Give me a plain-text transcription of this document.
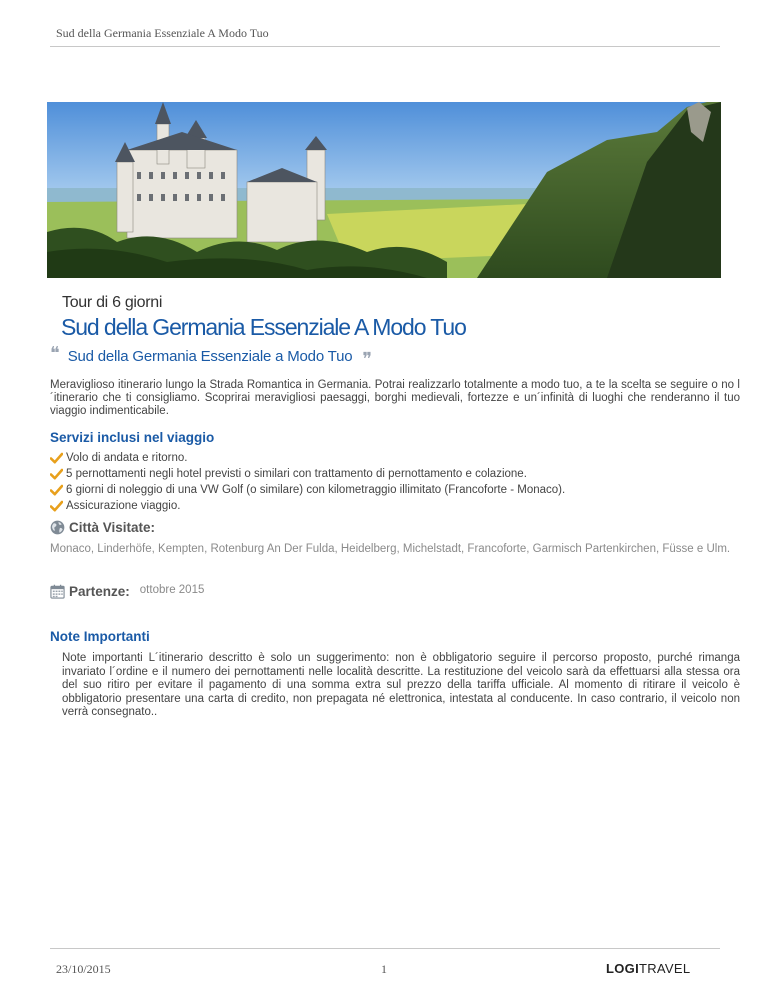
Sud della Germania Essenziale A Modo Tuo
Tour di 6 giorni
Sud della Germania Essenziale A Modo Tuo
❝ Sud della Germania Essenziale a Modo Tuo ❞
Meraviglioso itinerario lungo la Strada Romantica in Germania. Potrai realizzarlo totalmente a modo tuo, a te la scelta se seguire o no l´itinerario che ti consigliamo. Scoprirai meravigliosi paesaggi, borghi medievali, fortezze e un´infinità di luoghi che renderanno il tuo viaggio indimenticabile.
Servizi inclusi nel viaggio
Volo di andata e ritorno.
5 pernottamenti negli hotel previsti o similari con trattamento di pernottamento e colazione.
6 giorni di noleggio di una VW Golf (o similare) con kilometraggio illimitato (Francoforte - Monaco).
Assicurazione viaggio.
Città Visitate:
Monaco, Linderhöfe, Kempten, Rotenburg An Der Fulda, Heidelberg, Michelstadt, Francoforte, Garmisch Partenkirchen, Füsse e Ulm.
Partenze: ottobre 2015
Note Importanti
Note importanti L´itinerario descritto è solo un suggerimento: non è obbligatorio seguire il percorso proposto, purché rimanga invariato l´ordine e il numero dei pernottamenti nelle località descritte. La restituzione del veicolo sarà da effettuarsi alla stessa ora del suo ritiro per evitare il pagamento di una somma extra sul prezzo della tariffa ufficiale. Al momento di ritirare il veicolo è obbligatorio presentare una carta di credito, non prepagata né elettronica, intestata al conducente. In caso contrario, il veicolo non verrà consegnato..
23/10/2015	1	LOGITRAVEL
